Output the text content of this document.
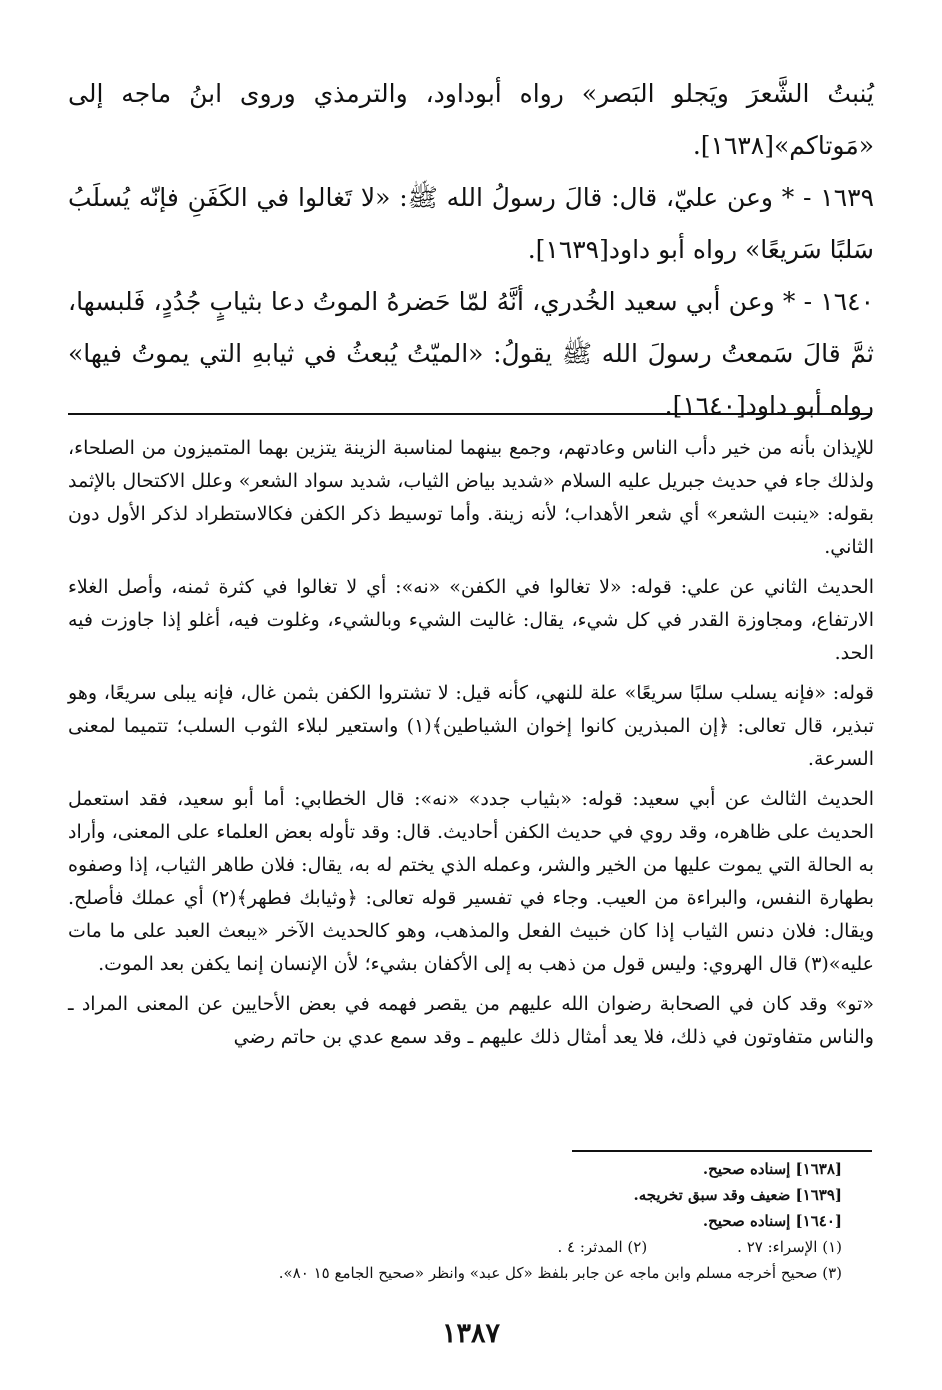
يُنبتُ الشَّعرَ ويَجلو البَصر» رواه أبوداود، والترمذي وروى ابنُ ماجه إلى «مَوتاكم»[١٦٣٨].

١٦٣٩ - * وعن عليّ، قال: قالَ رسولُ الله ﷺ: «لا تَغالوا في الكَفَنِ فإنّه يُسلَبُ سَلبًا سَريعًا» رواه أبو داود[١٦٣٩].

١٦٤٠ - * وعن أبي سعيد الخُدري، أنَّهُ لمّا حَضرهُ الموتُ دعا بثيابٍ جُدُدٍ، فَلبسها، ثمَّ قالَ سَمعتُ رسولَ الله ﷺ يقولُ: «الميّتُ يُبعثُ في ثيابهِ التي يموتُ فيها» رواه أبو داود[١٦٤٠].

للإيذان بأنه من خير دأب الناس وعادتهم، وجمع بينهما لمناسبة الزينة يتزين بهما المتميزون من الصلحاء، ولذلك جاء في حديث جبريل عليه السلام «شديد بياض الثياب، شديد سواد الشعر» وعلل الاكتحال بالإثمد بقوله: «ينبت الشعر» أي شعر الأهداب؛ لأنه زينة. وأما توسيط ذكر الكفن فكالاستطراد لذكر الأول دون الثاني.

الحديث الثاني عن علي: قوله: «لا تغالوا في الكفن» «نه»: أي لا تغالوا في كثرة ثمنه، وأصل الغلاء الارتفاع، ومجاوزة القدر في كل شيء، يقال: غاليت الشيء وبالشيء، وغلوت فيه، أغلو إذا جاوزت فيه الحد.

قوله: «فإنه يسلب سلبًا سريعًا» علة للنهي، كأنه قيل: لا تشتروا الكفن بثمن غال، فإنه يبلى سريعًا، وهو تبذير، قال تعالى: ﴿إن المبذرين كانوا إخوان الشياطين﴾(١) واستعير لبلاء الثوب السلب؛ تتميما لمعنى السرعة.

الحديث الثالث عن أبي سعيد: قوله: «بثياب جدد» «نه»: قال الخطابي: أما أبو سعيد، فقد استعمل الحديث على ظاهره، وقد روي في حديث الكفن أحاديث. قال: وقد تأوله بعض العلماء على المعنى، وأراد به الحالة التي يموت عليها من الخير والشر، وعمله الذي يختم له به، يقال: فلان طاهر الثياب، إذا وصفوه بطهارة النفس، والبراءة من العيب. وجاء في تفسير قوله تعالى: ﴿وثيابك فطهر﴾(٢) أي عملك فأصلح. ويقال: فلان دنس الثياب إذا كان خبيث الفعل والمذهب، وهو كالحديث الآخر «يبعث العبد على ما مات عليه»(٣) قال الهروي: وليس قول من ذهب به إلى الأكفان بشيء؛ لأن الإنسان إنما يكفن بعد الموت.

«تو» وقد كان في الصحابة رضوان الله عليهم من يقصر فهمه في بعض الأحايين عن المعنى المراد ـ والناس متفاوتون في ذلك، فلا يعد أمثال ذلك عليهم ـ وقد سمع عدي بن حاتم رضي

[١٦٣٨] إسناده صحيح.
[١٦٣٩] ضعيف وقد سبق تخريجه.
[١٦٤٠] إسناده صحيح.
(١) الإسراء: ٢٧ .
(٢) المدثر: ٤ .
(٣) صحيح أخرجه مسلم وابن ماجه عن جابر بلفظ «كل عبد» وانظر «صحيح الجامع ١٥ ٨٠».
١٣٨٧
